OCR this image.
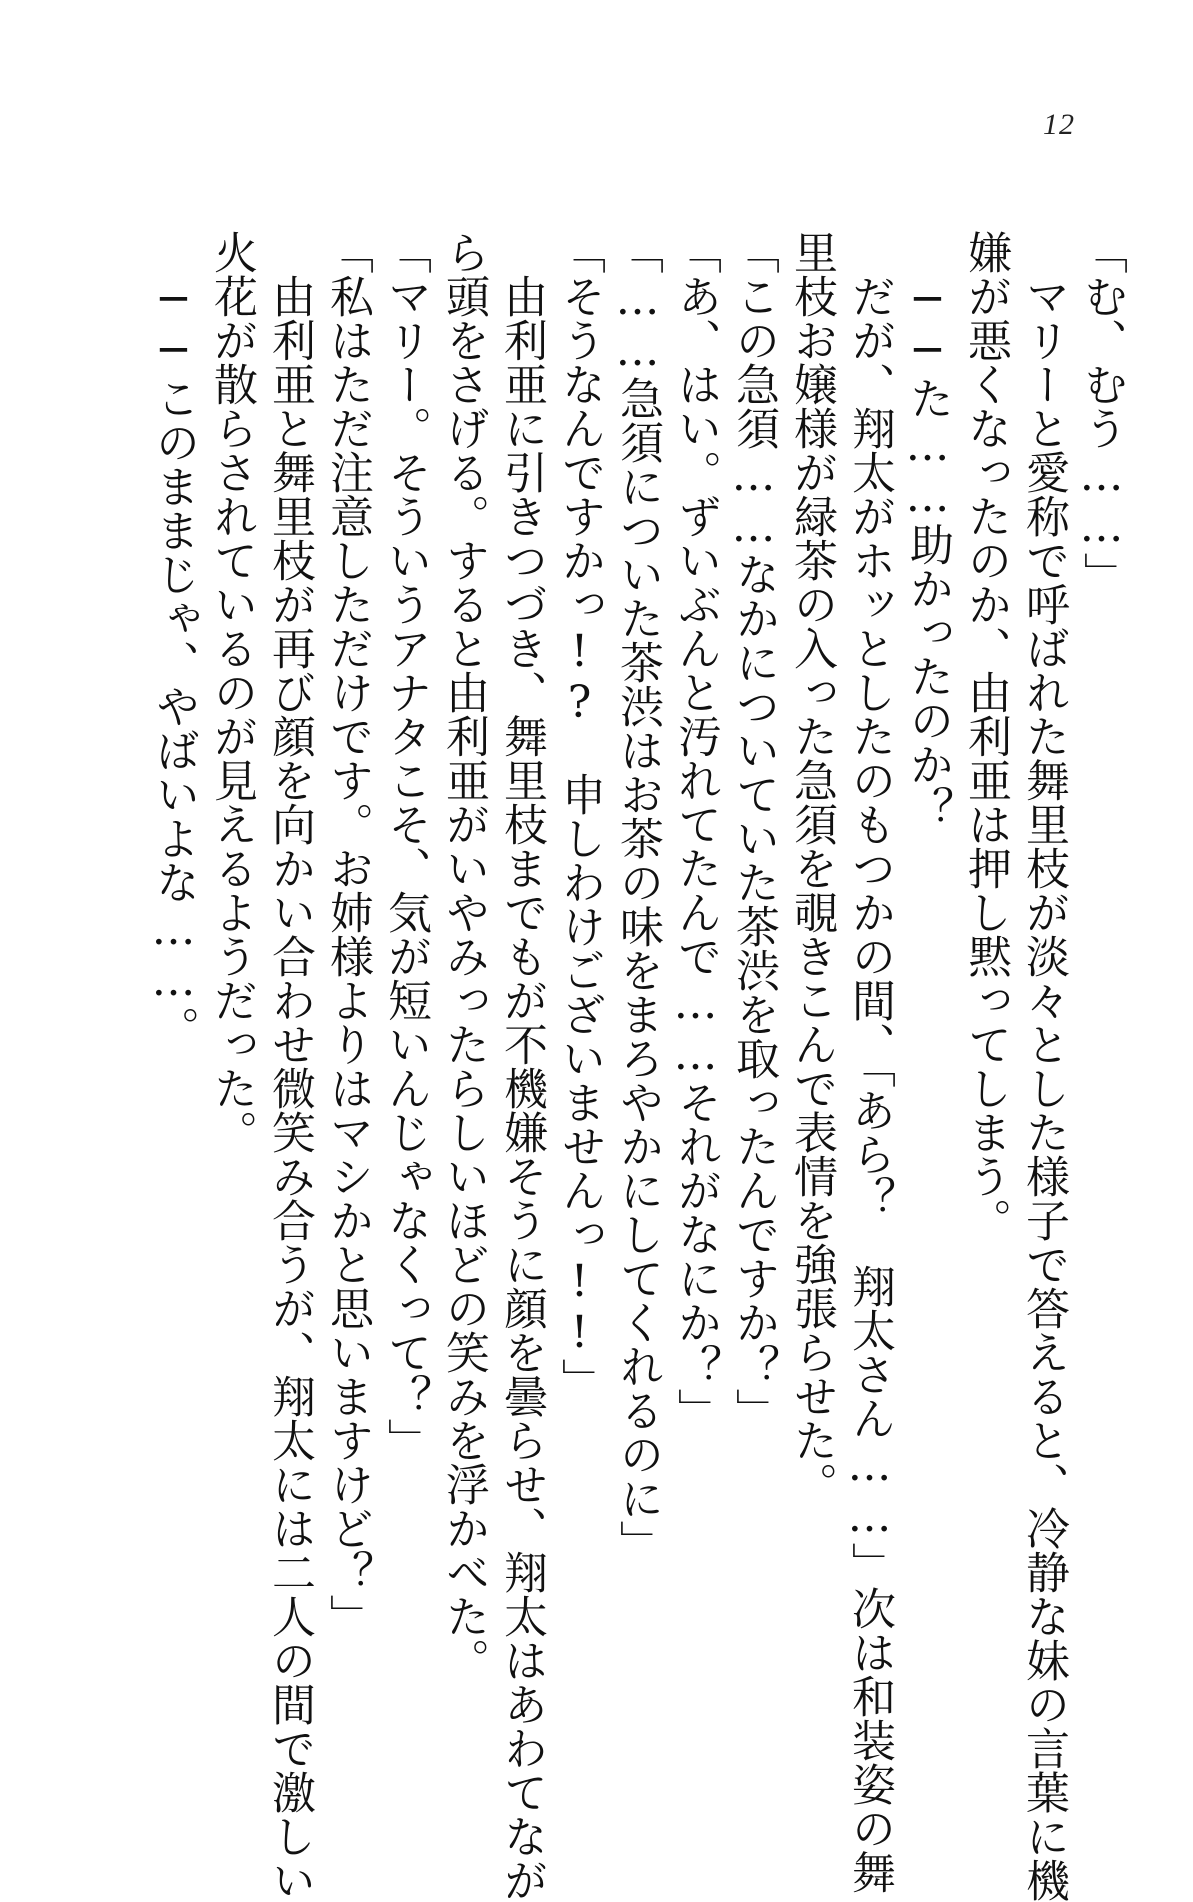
12
「む、むう……」
マリーと愛称で呼ばれた舞里枝が淡々とした様子で答えると、冷静な妹の言葉に機
嫌が悪くなったのか、由利亜は押し黙ってしまう。
──た……助かったのか？
だが、翔太がホッとしたのもつかの間、「あら？　翔太さん……」次は和装姿の舞
里枝お嬢様が緑茶の入った急須を覗きこんで表情を強張らせた。
「この急須……なかについていた茶渋を取ったんですか？」
「あ、はい。ずいぶんと汚れてたんで……それがなにか？」
「……急須についた茶渋はお茶の味をまろやかにしてくれるのに」
「そうなんですかっ!?　申しわけございませんっ!!」
由利亜に引きつづき、舞里枝までもが不機嫌そうに顔を曇らせ、翔太はあわてなが
ら頭をさげる。すると由利亜がいやみったらしいほどの笑みを浮かべた。
「マリー。そういうアナタこそ、気が短いんじゃなくって？」
「私はただ注意しただけです。お姉様よりはマシかと思いますけど？」
由利亜と舞里枝が再び顔を向かい合わせ微笑み合うが、翔太には二人の間で激しい
火花が散らされているのが見えるようだった。
──このままじゃ、やばいよな……。
